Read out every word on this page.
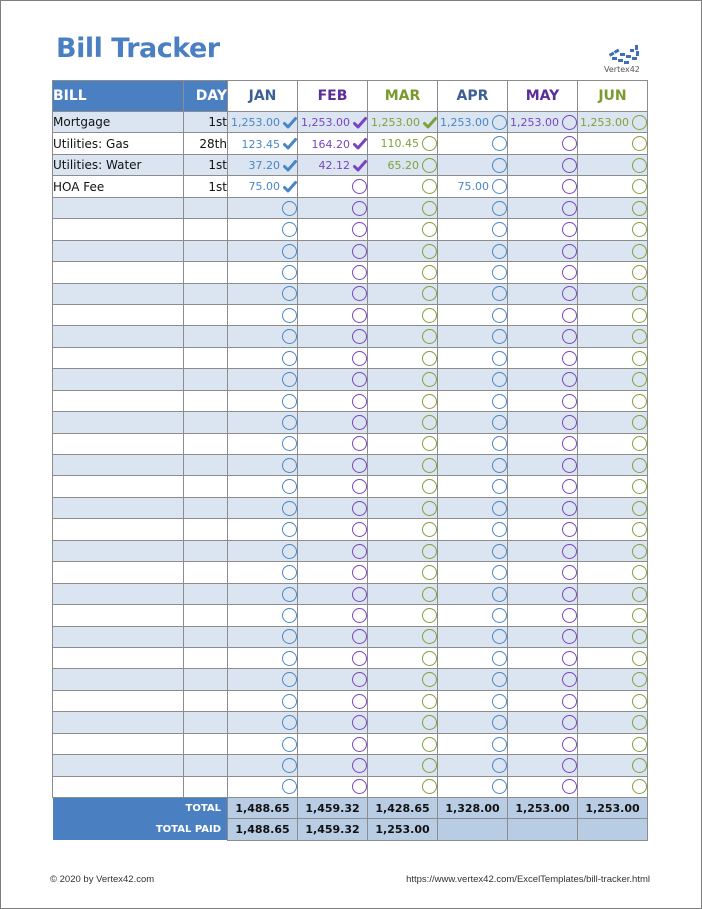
Bill Tracker
Vertex42
BILL	DAY	JAN	FEB	MAR	APR	MAY	JUN
Mortgage	1st	1,253.00	1,253.00	1,253.00	1,253.00	1,253.00	1,253.00
Utilities: Gas	28th	123.45	164.20	110.45			
Utilities: Water	1st	37.20	42.12	65.20			
HOA Fee	1st	75.00			75.00		

TOTAL		1,488.65	1,459.32	1,428.65	1,328.00	1,253.00	1,253.00
TOTAL PAID		1,488.65	1,459.32	1,253.00			
© 2020 by Vertex42.com	https://www.vertex42.com/ExcelTemplates/bill-tracker.html
